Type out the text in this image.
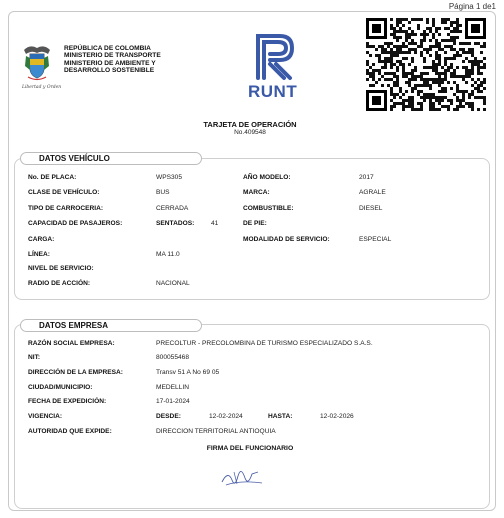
Página 1 de1
Libertad y Orden
REPÚBLICA DE COLOMBIA
MINISTERIO DE TRANSPORTE
MINISTERIO DE AMBIENTE Y
DESARROLLO SOSTENIBLE
RUNT
TARJETA DE OPERACIÓN
No.409548
DATOS VEHÍCULO
No. DE PLACA:	WPS305	AÑO MODELO:	2017
CLASE DE VEHÍCULO:	BUS	MARCA:	AGRALE
TIPO DE CARROCERIA:	CERRADA	COMBUSTIBLE:	DIESEL
CAPACIDAD DE PASAJEROS:	SENTADOS:	41	DE PIE:
CARGA:	MODALIDAD DE SERVICIO:	ESPECIAL
LÍNEA:	MA 11.0
NIVEL DE SERVICIO:
RADIO DE ACCIÓN:	NACIONAL
DATOS EMPRESA
RAZÓN SOCIAL EMPRESA:	PRECOLTUR - PRECOLOMBINA DE TURISMO ESPECIALIZADO S.A.S.
NIT:	800055468
DIRECCIÓN DE LA EMPRESA:	Transv 51 A No 69 05
CIUDAD/MUNICIPIO:	MEDELLIN
FECHA DE EXPEDICIÓN:	17-01-2024
VIGENCIA:	DESDE:	12-02-2024	HASTA:	12-02-2026
AUTORIDAD QUE EXPIDE:	DIRECCION TERRITORIAL ANTIOQUIA
FIRMA DEL FUNCIONARIO
